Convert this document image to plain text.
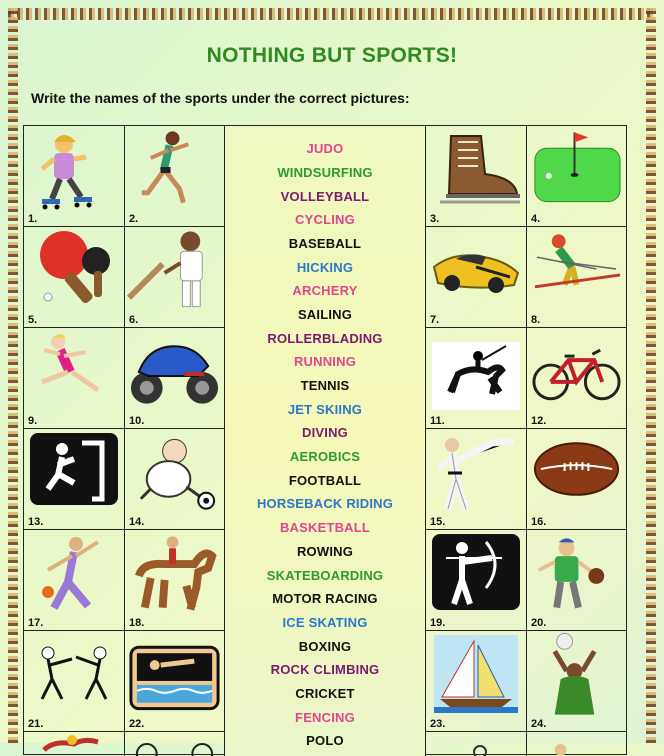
NOTHING BUT SPORTS!
Write the names of the sports under the correct pictures:
1.	2.	3.	4.
5.	6.	7.	8.
9.	10.	11.	12.
13.	14.	15.	16.
17.	18.	19.	20.
21.	22.	23.	24.
JUDO
WINDSURFING
VOLLEYBALL
CYCLING
BASEBALL
HICKING
ARCHERY
SAILING
ROLLERBLADING
RUNNING
TENNIS
JET SKIING
DIVING
AEROBICS
FOOTBALL
HORSEBACK RIDING
BASKETBALL
ROWING
SKATEBOARDING
MOTOR RACING
ICE SKATING
BOXING
ROCK CLIMBING
CRICKET
FENCING
POLO
